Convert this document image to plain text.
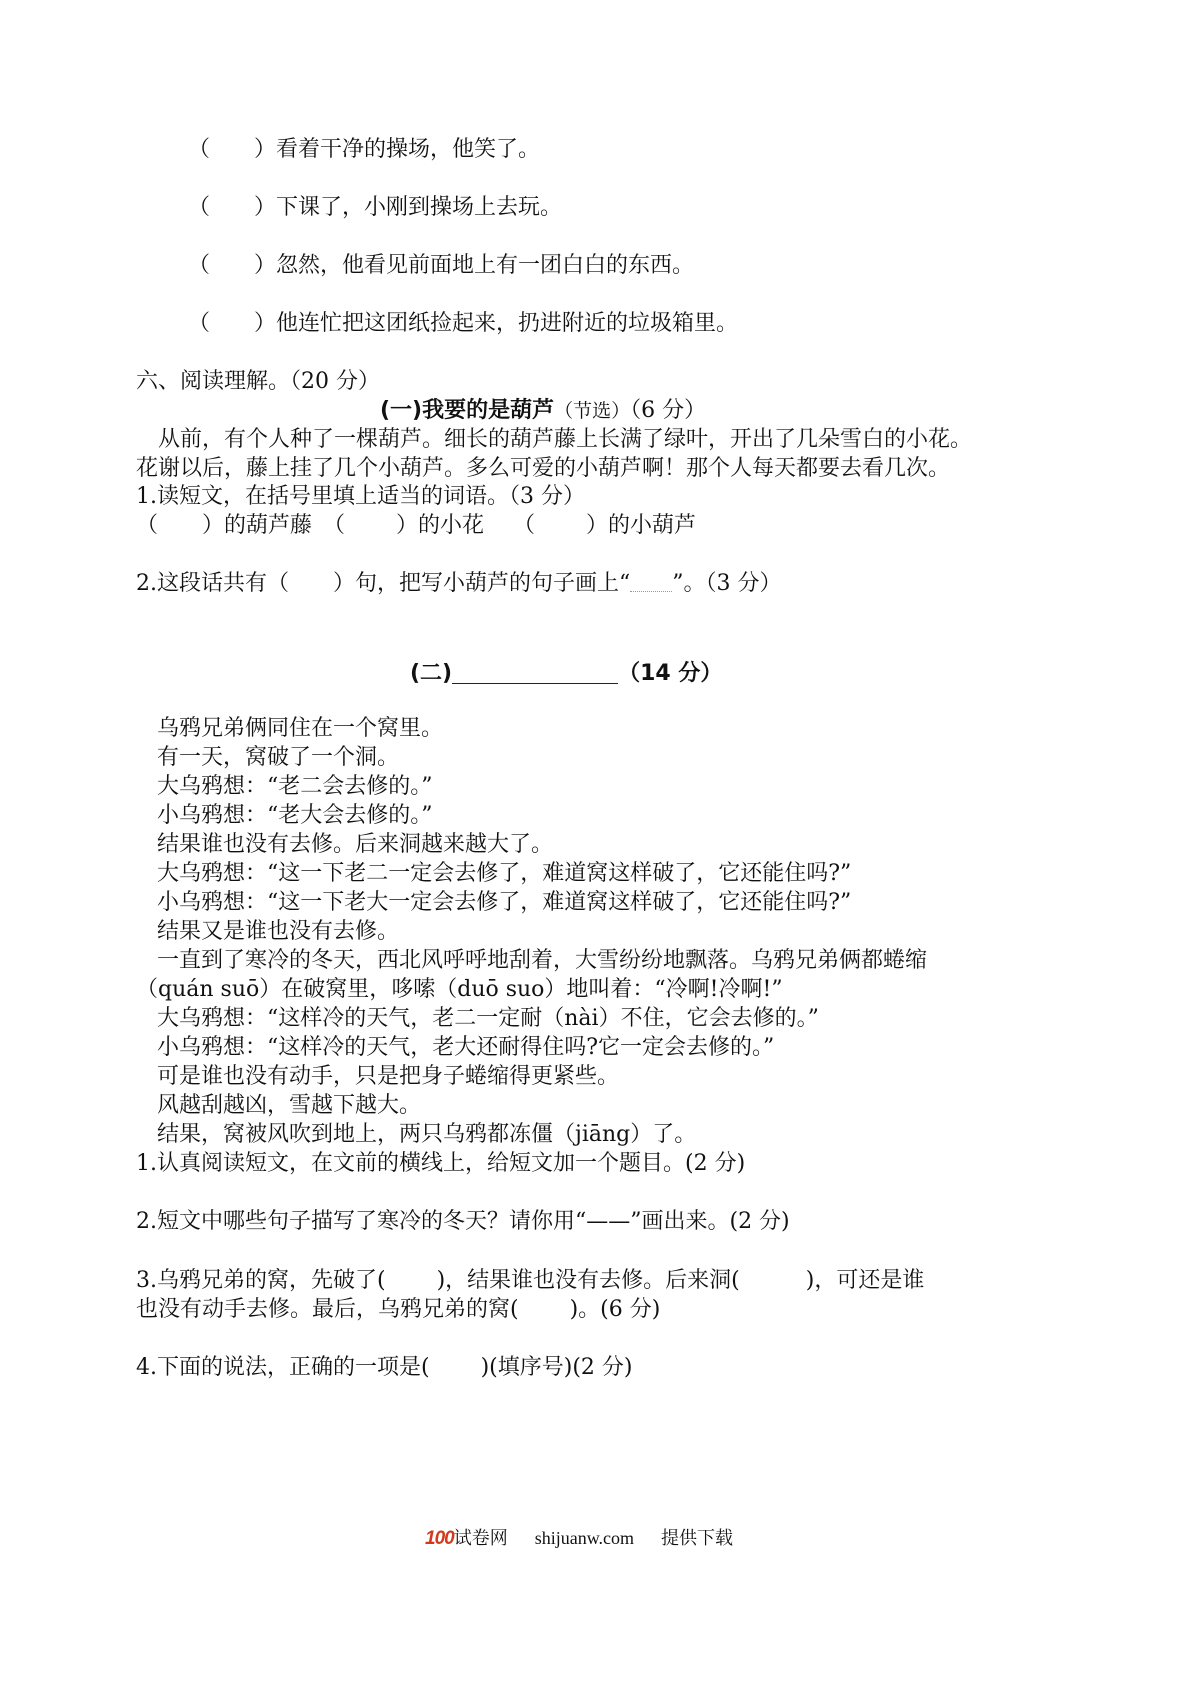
（　　）看着干净的操场，他笑了。
（　　）下课了，小刚到操场上去玩。
（　　）忽然，他看见前面地上有一团白白的东西。
（　　）他连忙把这团纸捡起来，扔进附近的垃圾箱里。
六、阅读理解。（20 分）
(一)我要的是葫芦（节选）（6 分）
　从前，有个人种了一棵葫芦。细长的葫芦藤上长满了绿叶，开出了几朵雪白的小花。
花谢以后，藤上挂了几个小葫芦。多么可爱的小葫芦啊！那个人每天都要去看几次。
1.读短文，在括号里填上适当的词语。（3 分）
（　　）的葫芦藤　（　　 ）的小花　 （　　 ）的小葫芦
2.这段话共有（　　）句，把写小葫芦的句子画上“ ”。（3 分）
(二)	（14 分）
乌鸦兄弟俩同住在一个窝里。
有一天，窝破了一个洞。
大乌鸦想：“老二会去修的。”
小乌鸦想：“老大会去修的。”
结果谁也没有去修。后来洞越来越大了。
大乌鸦想：“这一下老二一定会去修了，难道窝这样破了，它还能住吗?”
小乌鸦想：“这一下老大一定会去修了，难道窝这样破了，它还能住吗?”
结果又是谁也没有去修。
一直到了寒冷的冬天，西北风呼呼地刮着，大雪纷纷地飘落。乌鸦兄弟俩都蜷缩
（quán suō）在破窝里，哆嗦（duō suo）地叫着：“冷啊!冷啊!”
大乌鸦想：“这样冷的天气，老二一定耐（nài）不住，它会去修的。”
小乌鸦想：“这样冷的天气，老大还耐得住吗?它一定会去修的。”
可是谁也没有动手，只是把身子蜷缩得更紧些。
风越刮越凶，雪越下越大。
结果，窝被风吹到地上，两只乌鸦都冻僵（jiāng）了。
1.认真阅读短文，在文前的横线上，给短文加一个题目。(2 分)
2.短文中哪些句子描写了寒冷的冬天？请你用“——”画出来。(2 分)
3.乌鸦兄弟的窝，先破了(　　 )，结果谁也没有去修。后来洞(　　　)，可还是谁
也没有动手去修。最后，乌鸦兄弟的窝(　　 )。(6 分)
4.下面的说法，正确的一项是(　　 )(填序号)(2 分)
100试卷网 shijuanw.com 提供下载
